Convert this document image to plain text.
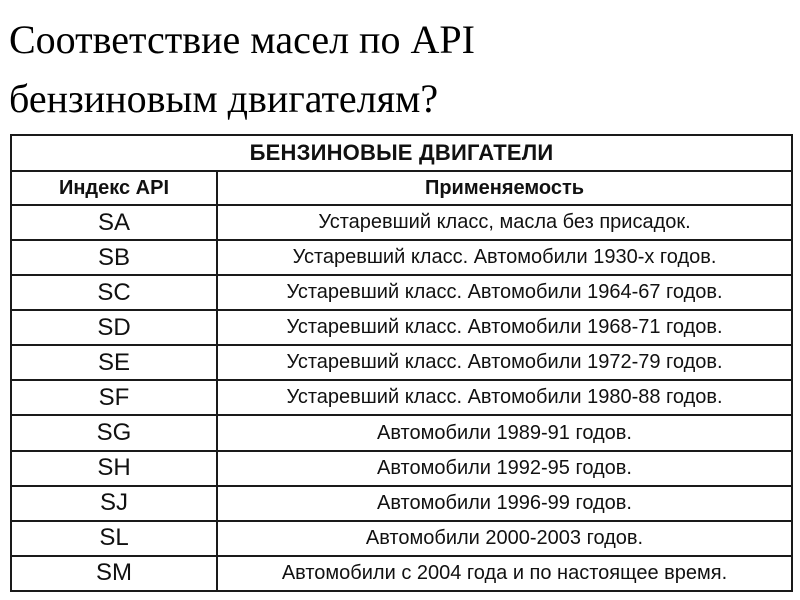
Соответствие масел по API
бензиновым двигателям?
БЕНЗИНОВЫЕ ДВИГАТЕЛИ	
Индекс API	Применяемость
SA	Устаревший класс, масла без присадок.
SB	Устаревший класс. Автомобили 1930-х годов.
SC	Устаревший класс. Автомобили 1964-67 годов.
SD	Устаревший класс. Автомобили 1968-71 годов.
SE	Устаревший класс. Автомобили 1972-79 годов.
SF	Устаревший класс. Автомобили 1980-88 годов.
SG	Автомобили 1989-91 годов.
SH	Автомобили 1992-95 годов.
SJ	Автомобили 1996-99 годов.
SL	Автомобили 2000-2003 годов.
SM	Автомобили с 2004 года и по настоящее время.
